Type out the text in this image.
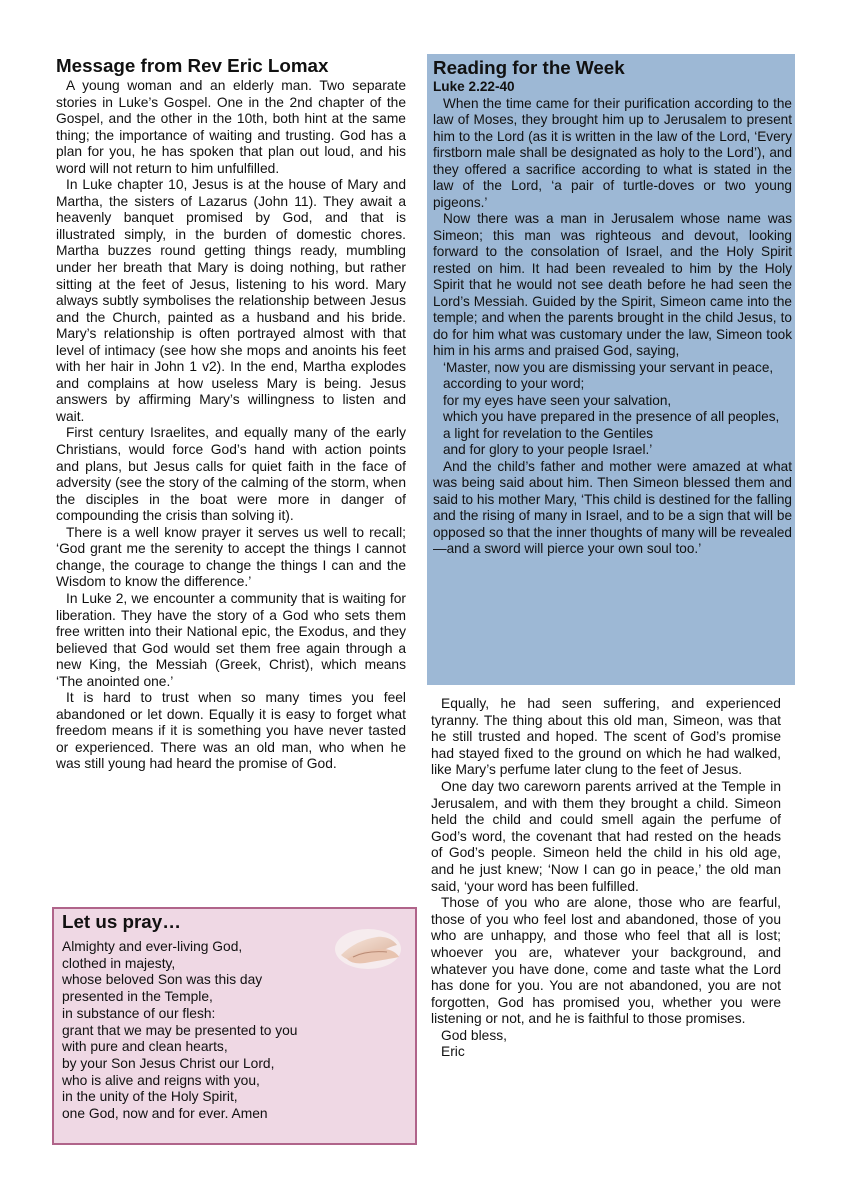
Message from Rev Eric Lomax

A young woman and an elderly man. Two separate stories in Luke’s Gospel. One in the 2nd chapter of the Gospel, and the other in the 10th, both hint at the same thing; the importance of waiting and trusting. God has a plan for you, he has spoken that plan out loud, and his word will not return to him unfulfilled.

In Luke chapter 10, Jesus is at the house of Mary and Martha, the sisters of Lazarus (John 11). They await a heavenly banquet promised by God, and that is illustrated simply, in the burden of domestic chores. Martha buzzes round getting things ready, mumbling under her breath that Mary is doing nothing, but rather sitting at the feet of Jesus, listening to his word. Mary always subtly symbolises the relationship between Jesus and the Church, painted as a husband and his bride. Mary’s relationship is often portrayed almost with that level of intimacy (see how she mops and anoints his feet with her hair in John 1 v2). In the end, Martha explodes and complains at how useless Mary is being. Jesus answers by affirming Mary’s willingness to listen and wait.

First century Israelites, and equally many of the early Christians, would force God’s hand with action points and plans, but Jesus calls for quiet faith in the face of adversity (see the story of the calming of the storm, when the disciples in the boat were more in danger of compounding the crisis than solving it).

There is a well know prayer it serves us well to recall; ‘God grant me the serenity to accept the things I cannot change, the courage to change the things I can and the Wisdom to know the difference.’

In Luke 2, we encounter a community that is waiting for liberation. They have the story of a God who sets them free written into their National epic, the Exodus, and they believed that God would set them free again through a new King, the Messiah (Greek, Christ), which means ‘The anointed one.’

It is hard to trust when so many times you feel abandoned or let down. Equally it is easy to forget what freedom means if it is something you have never tasted or experienced. There was an old man, who when he was still young had heard the promise of God.

Reading for the Week

Luke 2.22-40

When the time came for their purification according to the law of Moses, they brought him up to Jerusalem to present him to the Lord (as it is written in the law of the Lord, ‘Every firstborn male shall be designated as holy to the Lord’), and they offered a sacrifice according to what is stated in the law of the Lord, ‘a pair of turtle-doves or two young pigeons.’

Now there was a man in Jerusalem whose name was Simeon; this man was righteous and devout, looking forward to the consolation of Israel, and the Holy Spirit rested on him. It had been revealed to him by the Holy Spirit that he would not see death before he had seen the Lord’s Messiah. Guided by the Spirit, Simeon came into the temple; and when the parents brought in the child Jesus, to do for him what was customary under the law, Simeon took him in his arms and praised God, saying,

‘Master, now you are dismissing your servant in peace,

according to your word;

for my eyes have seen your salvation,

which you have prepared in the presence of all peoples,

a light for revelation to the Gentiles

and for glory to your people Israel.’

And the child’s father and mother were amazed at what was being said about him. Then Simeon blessed them and said to his mother Mary, ‘This child is destined for the falling and the rising of many in Israel, and to be a sign that will be opposed so that the inner thoughts of many will be revealed—and a sword will pierce your own soul too.’

Equally, he had seen suffering, and experienced tyranny. The thing about this old man, Simeon, was that he still trusted and hoped. The scent of God’s promise had stayed fixed to the ground on which he had walked, like Mary’s perfume later clung to the feet of Jesus.

One day two careworn parents arrived at the Temple in Jerusalem, and with them they brought a child. Simeon held the child and could smell again the perfume of God’s word, the covenant that had rested on the heads of God’s people. Simeon held the child in his old age, and he just knew; ‘Now I can go in peace,’ the old man said, ‘your word has been fulfilled.

Those of you who are alone, those who are fearful, those of you who feel lost and abandoned, those of you who are unhappy, and those who feel that all is lost; whoever you are, whatever your background, and whatever you have done, come and taste what the Lord has done for you. You are not abandoned, you are not forgotten, God has promised you, whether you were listening or not, and he is faithful to those promises.

God bless,

Eric

Let us pray…

Almighty and ever-living God,

clothed in majesty,

whose beloved Son was this day

presented in the Temple,

in substance of our flesh:

grant that we may be presented to you

with pure and clean hearts,

by your Son Jesus Christ our Lord,

who is alive and reigns with you,

in the unity of the Holy Spirit,

one God, now and for ever. Amen
